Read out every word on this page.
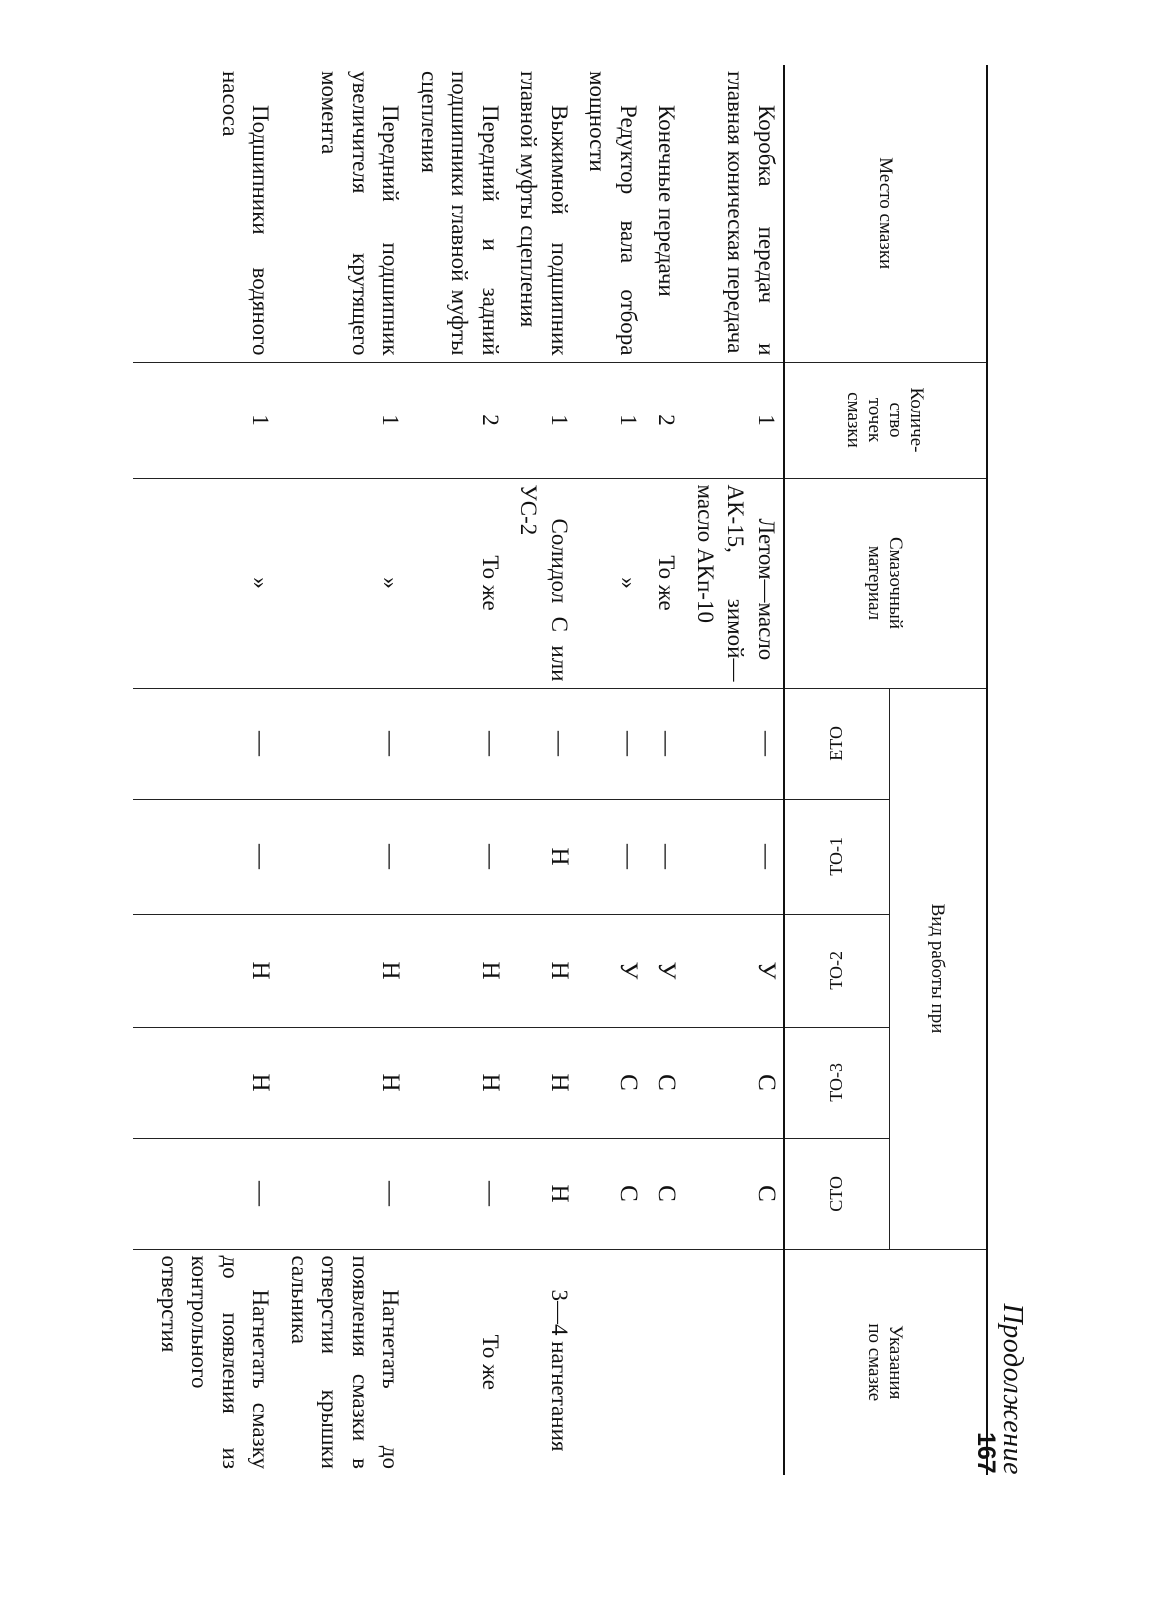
Продолжение
Место смазки	Количе-
ство
точек
смазки	Смазочный
материал	Вид работы при					Указания
по смазке
			ЕТО	ТО-1	ТО-2	ТО-3	СТО	

Коробка передач и главная коническая передача	1	Летом—масло АК-15, зимой—масло АКп-10	—	—	У	С	С	

Конечные передачи	2	То же	—	—	У	С	С	

Редуктор вала отбора мощности	1	»	—	—	У	С	С	

Выжимной подшипник главной муфты сцепления	1	Солидол С или УС-2	—	Н	Н	Н	Н	3—4 нагнетания

Передний и задний подшипники главной муфты сцепления	2	То же	—	—	Н	Н	—	То же

Передний подшипник увеличителя крутящего момента	1	»	—	—	Н	Н	—	Нагнетать до появления смазки в отверстии крышки сальника

Подшипники водяного насоса	1	»	—	—	Н	Н	—	Нагнетать смазку до появления из контрольного отверстия
167
